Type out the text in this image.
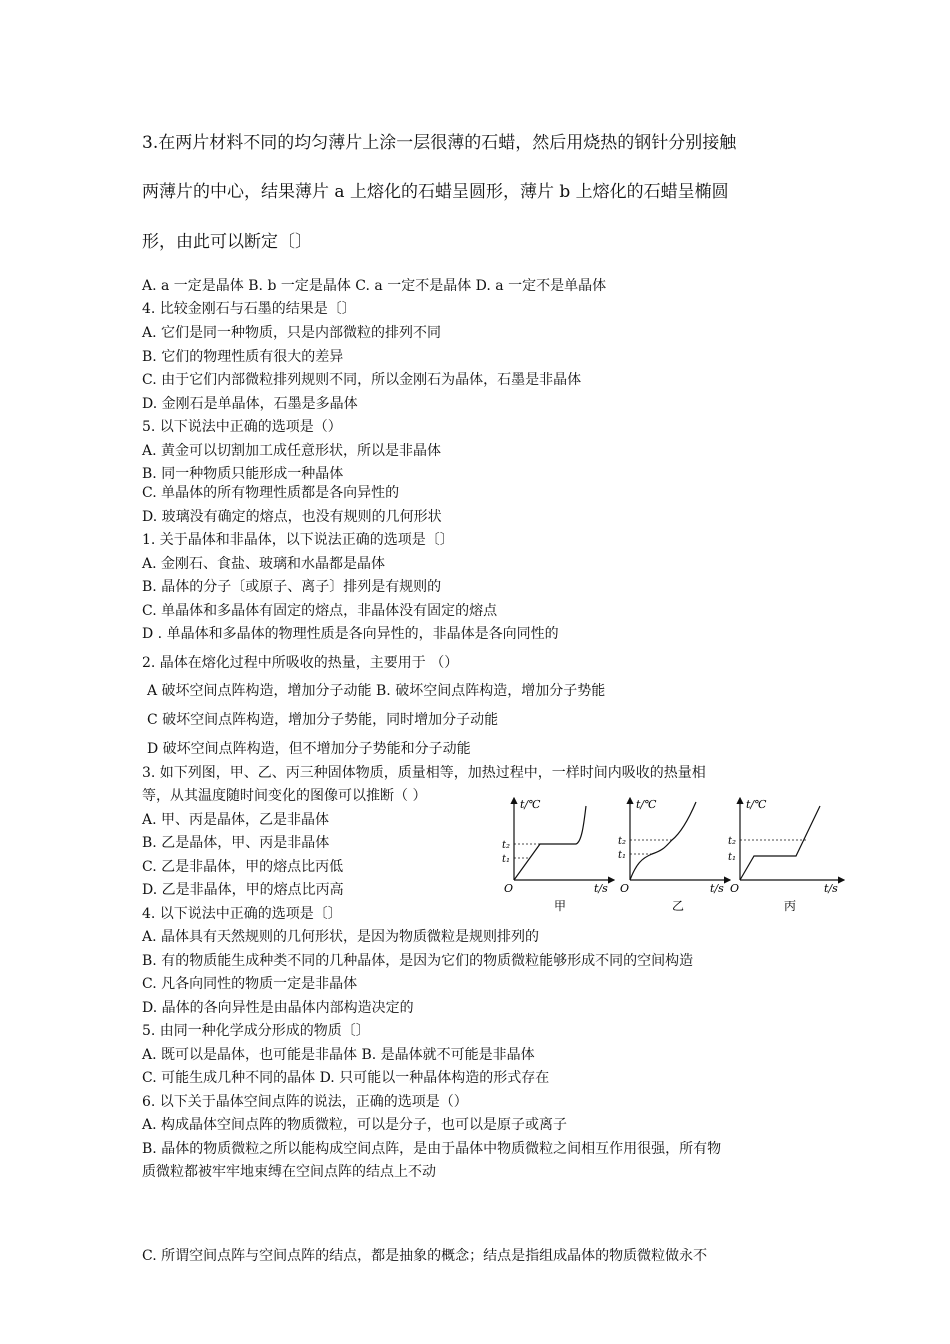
3.在两片材料不同的均匀薄片上涂一层很薄的石蜡，然后用烧热的钢针分别接触
两薄片的中心，结果薄片 a 上熔化的石蜡呈圆形，薄片 b 上熔化的石蜡呈椭圆
形，由此可以断定〔〕
A. a 一定是晶体 B. b 一定是晶体 C. a 一定不是晶体 D. a 一定不是单晶体
4. 比较金刚石与石墨的结果是〔〕
A. 它们是同一种物质，只是内部微粒的排列不同
B. 它们的物理性质有很大的差异
C. 由于它们内部微粒排列规则不同，所以金刚石为晶体，石墨是非晶体
D. 金刚石是单晶体，石墨是多晶体
5. 以下说法中正确的选项是（）
A. 黄金可以切割加工成任意形状，所以是非晶体
B. 同一种物质只能形成一种晶体
C. 单晶体的所有物理性质都是各向异性的
D. 玻璃没有确定的熔点，也没有规则的几何形状
1. 关于晶体和非晶体，以下说法正确的选项是〔〕
A. 金刚石、食盐、玻璃和水晶都是晶体
B. 晶体的分子〔或原子、离子〕排列是有规则的
C. 单晶体和多晶体有固定的熔点，非晶体没有固定的熔点
D . 单晶体和多晶体的物理性质是各向异性的，非晶体是各向同性的
2. 晶体在熔化过程中所吸收的热量，主要用于 （）
A 破坏空间点阵构造，增加分子动能 B. 破坏空间点阵构造，增加分子势能
C 破坏空间点阵构造，增加分子势能，同时增加分子动能
D 破坏空间点阵构造，但不增加分子势能和分子动能
3. 如下列图，甲、乙、丙三种固体物质，质量相等，加热过程中，一样时间内吸收的热量相
等，从其温度随时间变化的图像可以推断（ ）
A. 甲、丙是晶体，乙是非晶体
B. 乙是晶体，甲、丙是非晶体
C. 乙是非晶体，甲的熔点比丙低
D. 乙是非晶体，甲的熔点比丙高
4. 以下说法中正确的选项是〔〕
A. 晶体具有天然规则的几何形状，是因为物质微粒是规则排列的
B. 有的物质能生成种类不同的几种晶体，是因为它们的物质微粒能够形成不同的空间构造
C. 凡各向同性的物质一定是非晶体
D. 晶体的各向异性是由晶体内部构造决定的
5. 由同一种化学成分形成的物质〔〕
A. 既可以是晶体，也可能是非晶体 B. 是晶体就不可能是非晶体
C. 可能生成几种不同的晶体 D. 只可能以一种晶体构造的形式存在
6. 以下关于晶体空间点阵的说法，正确的选项是（）
A. 构成晶体空间点阵的物质微粒，可以是分子，也可以是原子或离子
B. 晶体的物质微粒之所以能构成空间点阵，是由于晶体中物质微粒之间相互作用很强，所有物
质微粒都被牢牢地束缚在空间点阵的结点上不动
C. 所谓空间点阵与空间点阵的结点，都是抽象的概念；结点是指组成晶体的物质微粒做永不
t/℃
t/s
O
t₂
t₁
甲
t/℃
t/s
O
t₂
t₁
乙
t/℃
t/s
O
t₂
t₁
丙
